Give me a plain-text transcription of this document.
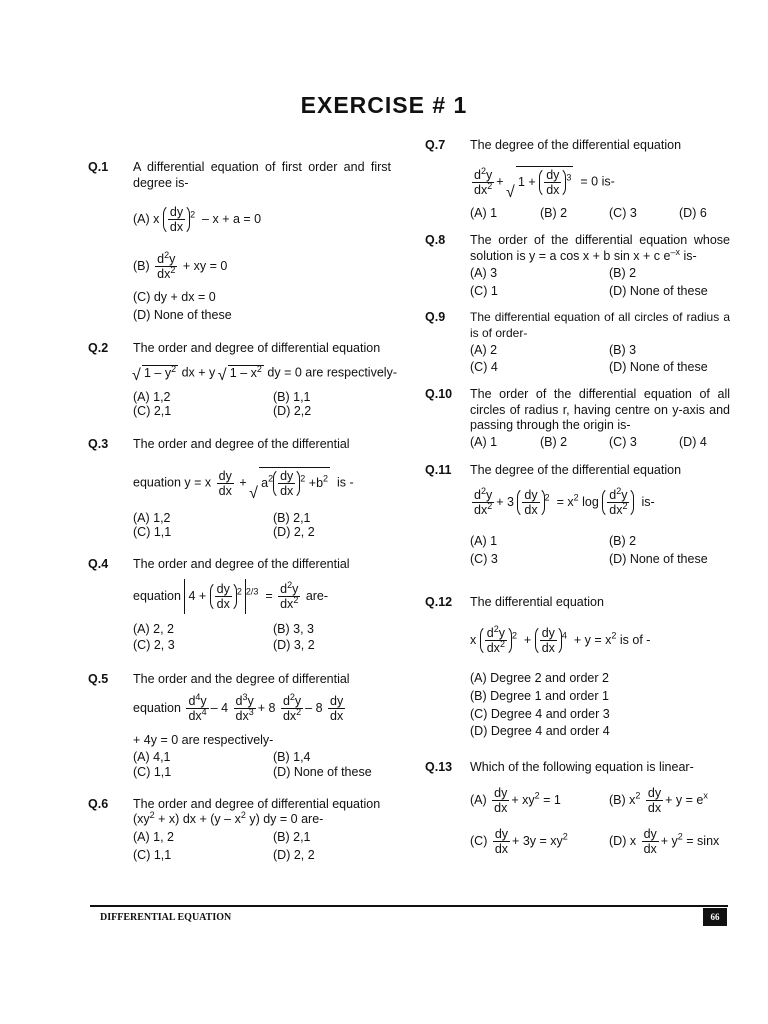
EXERCISE # 1
Q.1 A differential equation of first order and first degree is-
(A) x $\frac{dy}{dx} ^2 - x + a = 0$
$(B) \frac{d^2y}{dx^2}$ + xy = 0
(C) dy + dx = 0
(D) None of these
Q.2 The order and degree of differential equation
√ $1 - y^2$ dx + y √ $1 - x^2$ dy = 0 are respectively-
(A) 1,2	(B) 1,1
(C) 2,1	(D) 2,2
Q.3 The order and degree of the differential
equation y = x $\frac{dy}{dx}$ + √ $a^2 \frac{dy}{dx} ^2 +b^2$ is -
(A) 1,2	(B) 2,1
(C) 1,1	(D) 2, 2
Q.4 The order and degree of the differential
equation $4 + \frac{dy}{dx} ^2$ $^{2/3} = \frac{d^2y}{dx^2} are-$
(A) 2, 2	(B) 3, 3
(C) 2, 3	(D) 3, 2
Q.5 The order and the degree of differential
equation $\frac{d^4y}{dx^4} - 4 \frac{d^3y}{dx^3} + 8 \frac{d^2y}{dx^2} - 8 \frac{dy}{dx}$
+ 4y = 0 are respectively-
(A) 4,1	(B) 1,4
(C) 1,1	(D) None of these
Q.6 The order and degree of differential equation
$(xy^2 + x)$ dx + ($y - x^2$ y) dy = 0 are-
(A) 1, 2	(B) 2,1
(C) 1,1	(D) 2, 2
Q.7 The degree of the differential equation
$\frac{d^2y}{dx^2}$ + √ $1 + \frac{dy}{dx} ^3 = 0$ is-
(A) 1	(B) 2	(C) 3	(D) 6
Q.8 The order of the differential equation whose solution is y = a cos x + b sin x + c $e^{-x}$ is-
(A) 3	(B) 2
(C) 1	(D) None of these
Q.9 The differential equation of all circles of radius a is of order-
(A) 2	(B) 3
(C) 4	(D) None of these
Q.10 The order of the differential equation of all circles of radius r, having centre on y-axis and passing through the origin is-
(A) 1	(B) 2	(C) 3	(D) 4
Q.11 The degree of the differential equation
$\frac{d^2y}{dx^2} + 3 \frac{dy}{dx} ^2 = x^2$ $\log \frac{d^2y}{dx^2} is-$
(A) 1	(B) 2
(C) 3	(D) None of these
Q.12 The differential equation
x $\frac{d^2y}{dx^2} ^2 + \frac{dy}{dx} ^4 + y = x^2$ is of -
(A) Degree 2 and order 2
(B) Degree 1 and order 1
(C) Degree 4 and order 3
(D) Degree 4 and order 4
Q.13 Which of the following equation is linear-
$(A) \frac{dy}{dx} + xy^2 = 1$	(B) $x^2 \frac{dy}{dx} + y = e^x$
$(C) \frac{dy}{dx} + 3y = xy^2$	(D) x $\frac{dy}{dx} + y^2 = \sin x$
DIFFERENTIAL EQUATION	66
